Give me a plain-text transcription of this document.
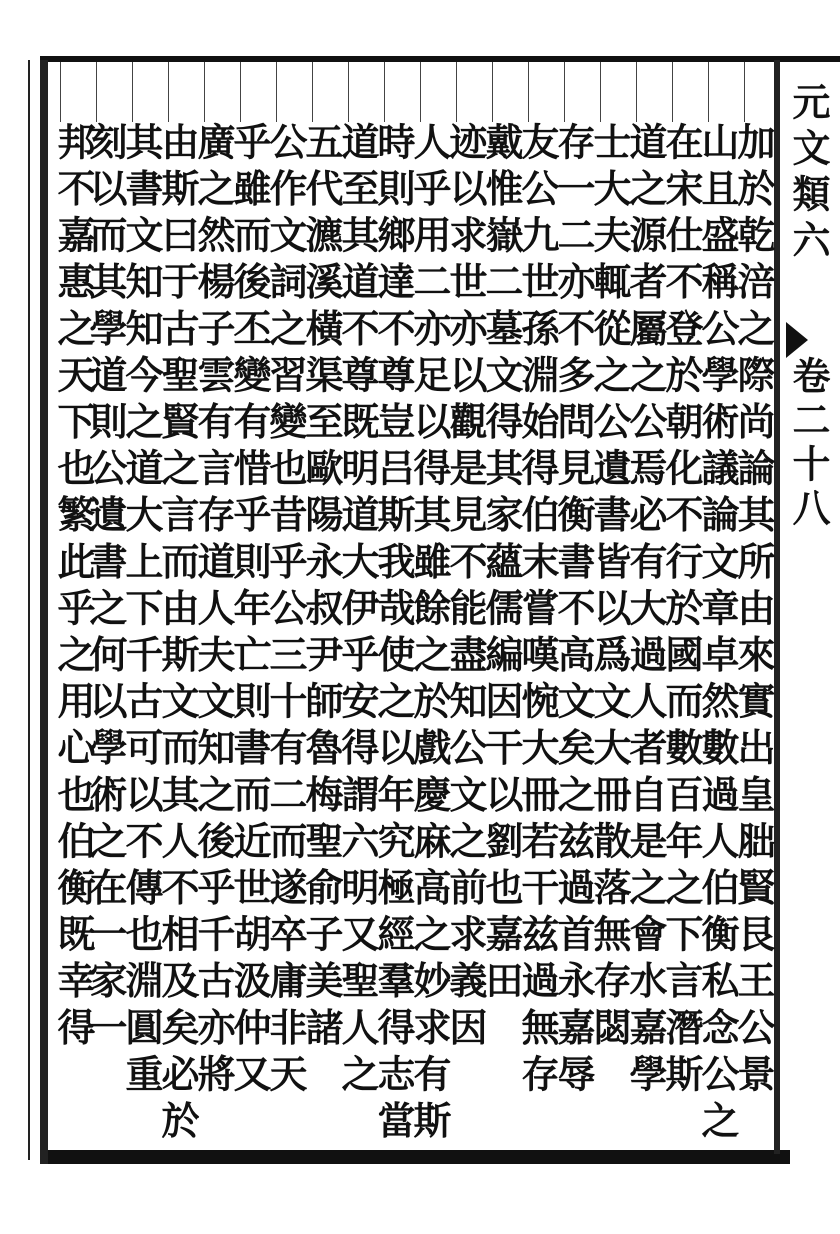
元文類六
卷二十八
加於乾涪之際尚論其所由來實出皇胐賢艮王公景
山且盛稱公學術議論文章卓然數過人伯衡私念公之
在宋仕不登於朝化不行於國而數百年之下言潛斯
道之源者屬之公焉必有大過人者自是之會水嘉學
士大夫輒從之公遺書皆以爲文大冊散落無存閟
存一二亦不多問見衡書不高文矣之兹過首永嘉辱
友公九世孫淵始得伯末嘗嘆惋大冊若干兹過無存
戴惟嶽二墓文得其家蘊儒編因干以劉也嘉田
迹以求世亦以觀是見不能盡知公文之前求義因
人乎用二亦足以得其雖餘之於戲慶麻高之妙求有斯
時則鄉達不尊豈吕斯我哉使之以年究極經羣得志當
道至其道不尊既明道大伊乎安得謂六明又聖人之
五代瀌溪橫渠至歐陽永叔尹師魯梅聖俞子美諸
公作文詞之習變也昔乎公三十有二而遂卒庸非天
乎雖而後丕變有惜乎則年亡則書而近世胡汲仲又
廣之然楊子雲有言存道人夫文知之後乎千古亦將
由斯曰于古聖賢之言而由斯文而其人不相及矣必於
其書文知知今之道大上下千古可以不傳也淵圓重
刻以而其學道則公遺書之何以學術之在一家一
邦不嘉惠之天下也繁此乎之用心也伯衡既幸得
